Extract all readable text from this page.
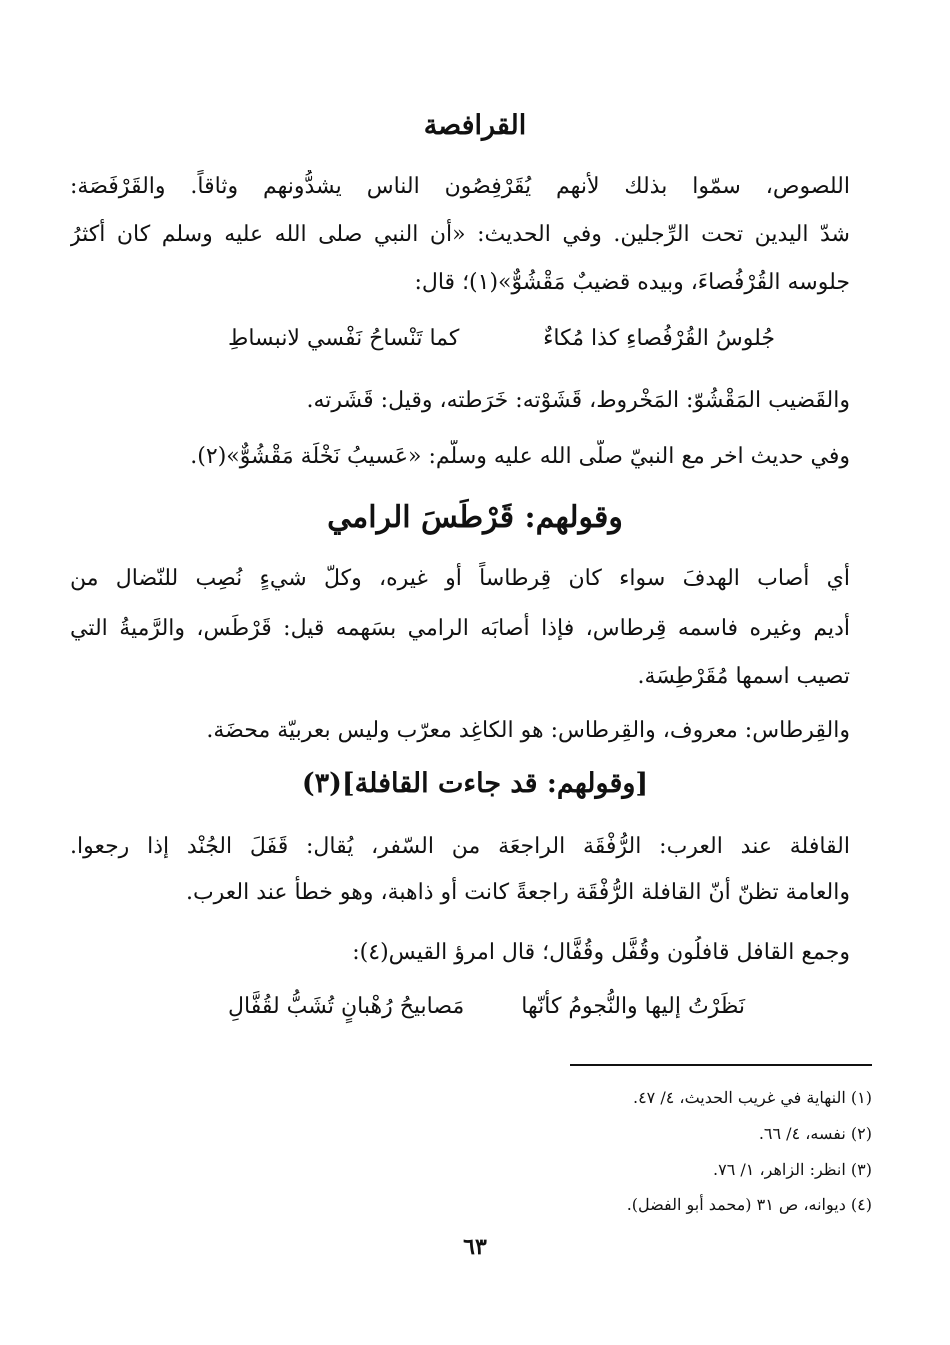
القرافصة
اللصوص، سمّوا بذلك لأنهم يُقَرْفِصُون الناس يشدُّونهم وثاقاً. والقَرْفَصَة:
شدّ اليدين تحت الرِّجلين. وفي الحديث: «أن النبي صلى الله عليه وسلم كان أكثرُ
جلوسه القُرْفُصاءَ، وبيده قضيبٌ مَقْشُوٌّ»(١)؛ قال:
جُلوسُ القُرْفُصاءِ كذا مُكاءٌ
كما تَنْساحُ نَفْسي لانبساطِ
والقَضيب المَقْشُوّ: المَخْروط، قَشَوْته: خَرَطته، وقيل: قَشَرته.
وفي حديث اخر مع النبيّ صلّى الله عليه وسلّم: «عَسيبُ نَخْلَة مَقْشُوٌّ»(٢).
وقولهم: قَرْطَسَ الرامي
أي أصاب الهدفَ سواء كان قِرطاساً أو غيره، وكلّ شيءٍ نُصِب للنّضال من
أديم وغيره فاسمه قِرطاس، فإذا أصابَه الرامي بسَهمه قيل: قَرْطَس، والرَّميةُ التي
تصيب اسمها مُقَرْطِسَة.
والقِرطاس: معروف، والقِرطاس: هو الكاغِد معرّب وليس بعربيّة محضَة.
[وقولهم: قد جاءت القافلة](٣)
القافلة عند العرب: الرُّفْقَة الراجعَة من السّفر، يُقال: قَفَلَ الجُنْد إذا رجعوا.
والعامة تظنّ أنّ القافلة الرُّفْقَة راجعةً كانت أو ذاهبة، وهو خطأ عند العرب.
وجمع القافل قافلُون وقُفَّل وقُفَّال؛ قال امرؤ القيس(٤):
نَظَرْتُ إليها والنُّجومُ كأنّها
مَصابيحُ رُهْبانٍ تُشَبُّ لقُفَّالِ
(١) النهاية في غريب الحديث، ٤/ ٤٧.
(٢) نفسه، ٤/ ٦٦.
(٣) انظر: الزاهر، ١/ ٧٦.
(٤) ديوانه، ص ٣١ (محمد أبو الفضل).
٦٣
